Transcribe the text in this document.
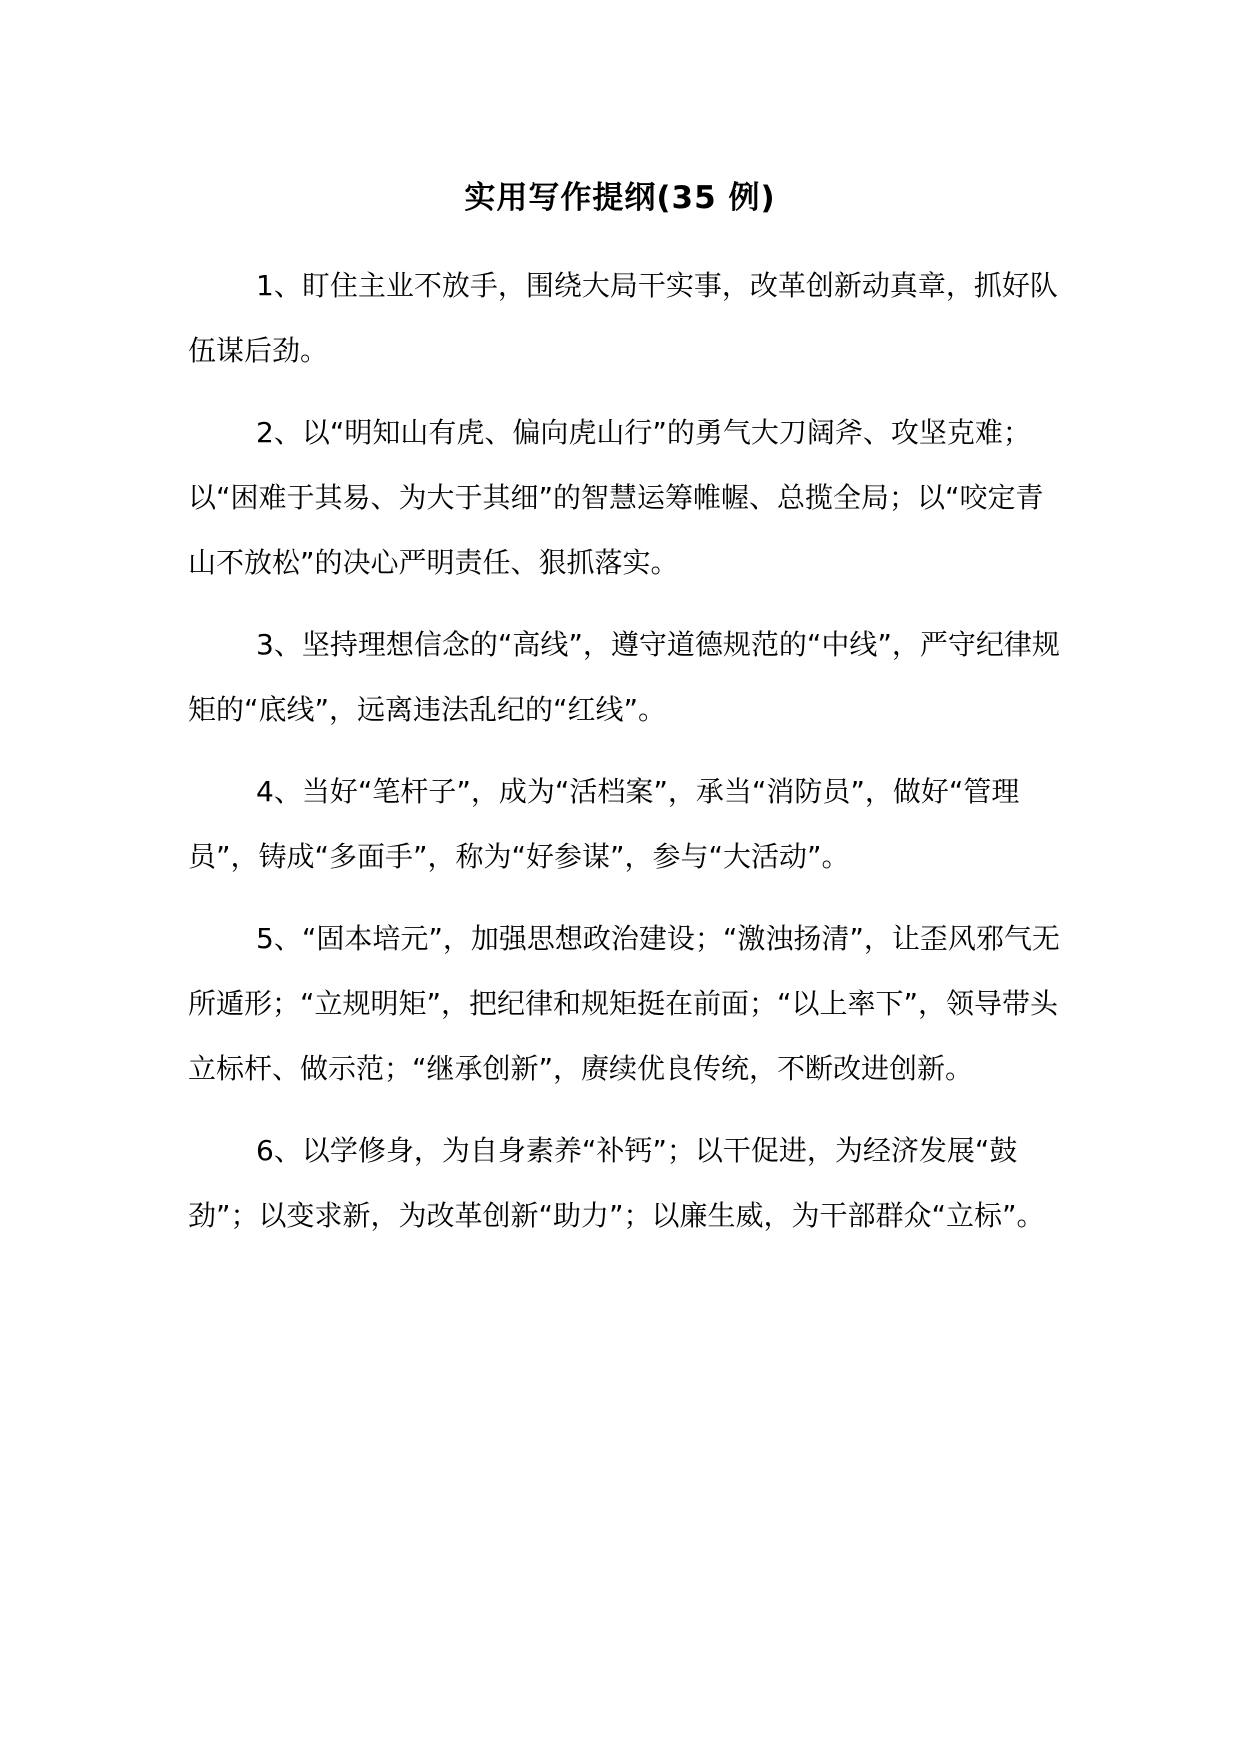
实用写作提纲(35 例)

1、盯住主业不放手，围绕大局干实事，改革创新动真章，抓好队伍谋后劲。

2、以“明知山有虎、偏向虎山行”的勇气大刀阔斧、攻坚克难；以“困难于其易、为大于其细”的智慧运筹帷幄、总揽全局；以“咬定青山不放松”的决心严明责任、狠抓落实。

3、坚持理想信念的“高线”，遵守道德规范的“中线”，严守纪律规矩的“底线”，远离违法乱纪的“红线”。

4、当好“笔杆子”，成为“活档案”，承当“消防员”，做好“管理员”，铸成“多面手”，称为“好参谋”，参与“大活动”。

5、“固本培元”，加强思想政治建设；“激浊扬清”，让歪风邪气无所遁形；“立规明矩”，把纪律和规矩挺在前面；“以上率下”，领导带头立标杆、做示范；“继承创新”，赓续优良传统，不断改进创新。

6、以学修身，为自身素养“补钙”；以干促进，为经济发展“鼓劲”；以变求新，为改革创新“助力”；以廉生威，为干部群众“立标”。
